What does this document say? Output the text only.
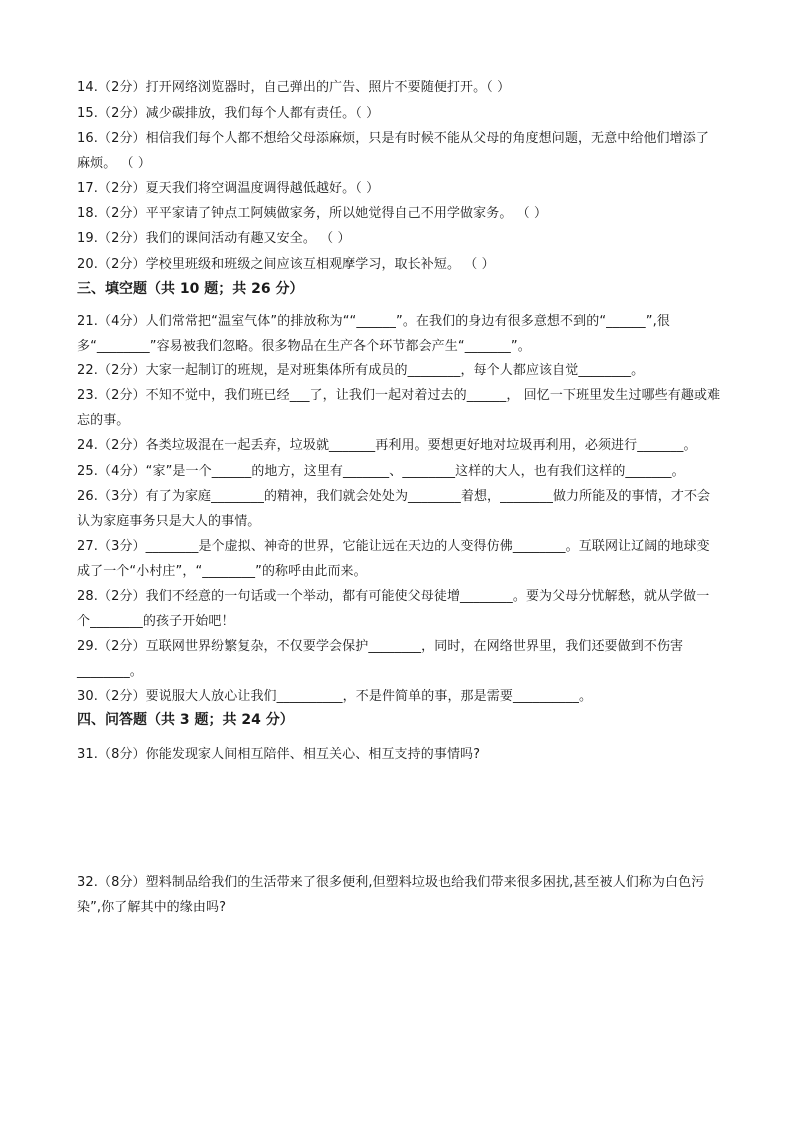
14.（2分）打开网络浏览器时，自己弹出的广告、照片不要随便打开。（ ）
15.（2分）减少碳排放，我们每个人都有责任。（ ）
16.（2分）相信我们每个人都不想给父母添麻烦，只是有时候不能从父母的角度想问题，无意中给他们增添了麻烦。 （ ）
17.（2分）夏天我们将空调温度调得越低越好。（ ）
18.（2分）平平家请了钟点工阿姨做家务，所以她觉得自己不用学做家务。 （ ）
19.（2分）我们的课间活动有趣又安全。 （ ）
20.（2分）学校里班级和班级之间应该互相观摩学习，取长补短。 （ ）
三、填空题（共 10 题；共 26 分）
21.（4分）人们常常把“温室气体”的排放称为““______”。在我们的身边有很多意想不到的“______”,很多“________”容易被我们忽略。很多物品在生产各个环节都会产生“_______”。
22.（2分）大家一起制订的班规，是对班集体所有成员的________，每个人都应该自觉________。
23.（2分）不知不觉中，我们班已经___了，让我们一起对着过去的______， 回忆一下班里发生过哪些有趣或难忘的事。
24.（2分）各类垃圾混在一起丢弃，垃圾就_______再利用。要想更好地对垃圾再利用，必须进行_______。
25.（4分）“家”是一个______的地方，这里有_______、________这样的大人，也有我们这样的_______。
26.（3分）有了为家庭________的精神，我们就会处处为________着想，________做力所能及的事情，才不会认为家庭事务只是大人的事情。
27.（3分）________是个虚拟、神奇的世界，它能让远在天边的人变得仿佛________。互联网让辽阔的地球变成了一个“小村庄”，“________”的称呼由此而来。
28.（2分）我们不经意的一句话或一个举动，都有可能使父母徒增________。要为父母分忧解愁，就从学做一个________的孩子开始吧！
29.（2分）互联网世界纷繁复杂，不仅要学会保护________，同时，在网络世界里，我们还要做到不伤害________。
30.（2分）要说服大人放心让我们__________，不是件简单的事，那是需要__________。
四、问答题（共 3 题；共 24 分）
31.（8分）你能发现家人间相互陪伴、相互关心、相互支持的事情吗?
32.（8分）塑料制品给我们的生活带来了很多便利,但塑料垃圾也给我们带来很多困扰,甚至被人们称为白色污染”,你了解其中的缘由吗?
